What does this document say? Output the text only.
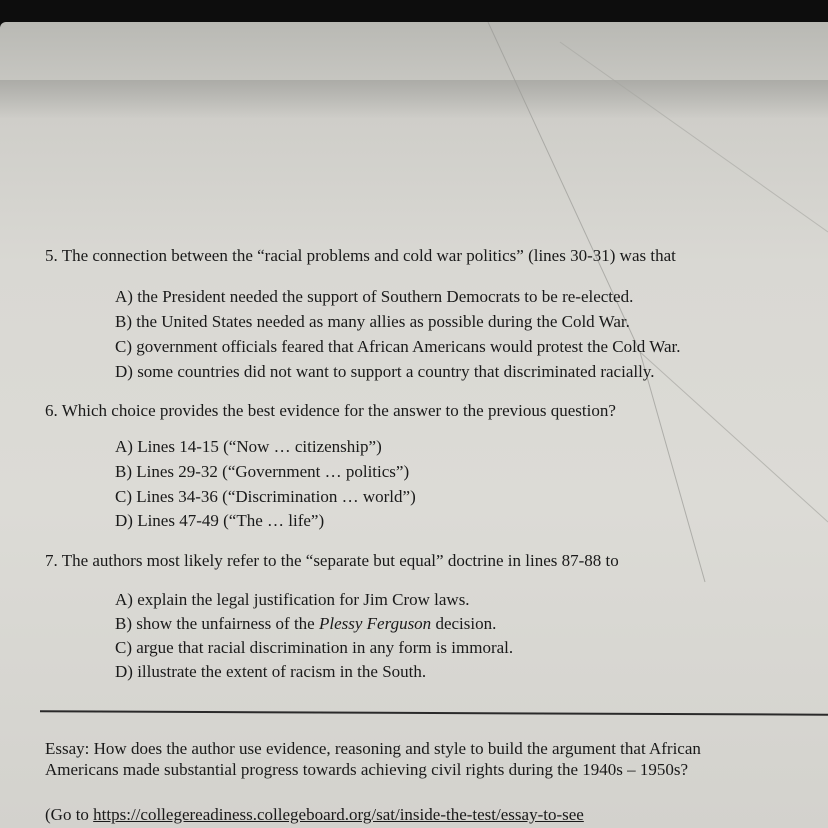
5. The connection between the “racial problems and cold war politics” (lines 30-31) was that
A) the President needed the support of Southern Democrats to be re-elected.
B) the United States needed as many allies as possible during the Cold War.
C) government officials feared that African Americans would protest the Cold War.
D) some countries did not want to support a country that discriminated racially.
6. Which choice provides the best evidence for the answer to the previous question?
A) Lines 14-15 (“Now … citizenship”)
B) Lines 29-32 (“Government … politics”)
C) Lines 34-36 (“Discrimination … world”)
D) Lines 47-49 (“The … life”)
7. The authors most likely refer to the “separate but equal” doctrine in lines 87-88 to
A) explain the legal justification for Jim Crow laws.
B) show the unfairness of the Plessy Ferguson decision.
C) argue that racial discrimination in any form is immoral.
D) illustrate the extent of racism in the South.
Essay: How does the author use evidence, reasoning and style to build the argument that African
Americans made substantial progress towards achieving civil rights during the 1940s – 1950s?
(Go to https://collegereadiness.collegeboard.org/sat/inside-the-test/essay-to-see
